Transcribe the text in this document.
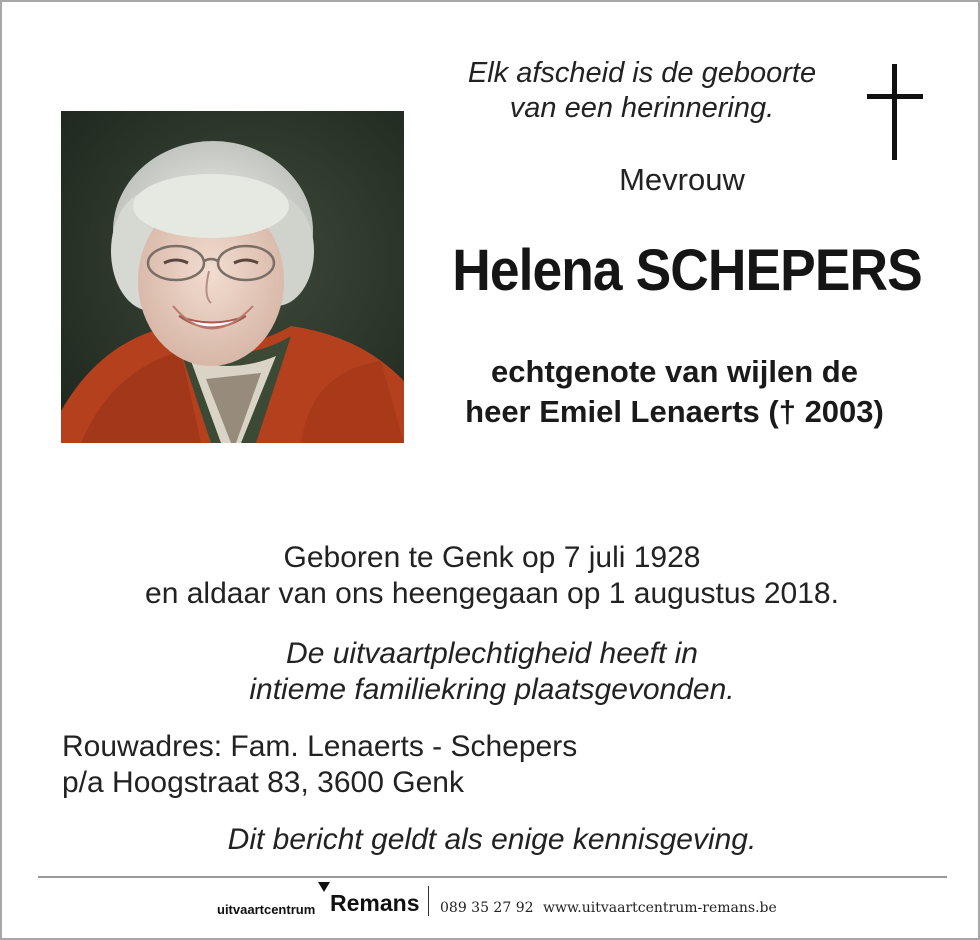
Elk afscheid is de geboorte
van een herinnering.
Mevrouw
Helena SCHEPERS
echtgenote van wijlen de
heer Emiel Lenaerts († 2003)
Geboren te Genk op 7 juli 1928
en aldaar van ons heengegaan op 1 augustus 2018.
De uitvaartplechtigheid heeft in
intieme familiekring plaatsgevonden.
Rouwadres: Fam. Lenaerts - Schepers
p/a Hoogstraat 83, 3600 Genk
Dit bericht geldt als enige kennisgeving.
uitvaartcentrum Remans 089 35 27 92 www.uitvaartcentrum-remans.be
